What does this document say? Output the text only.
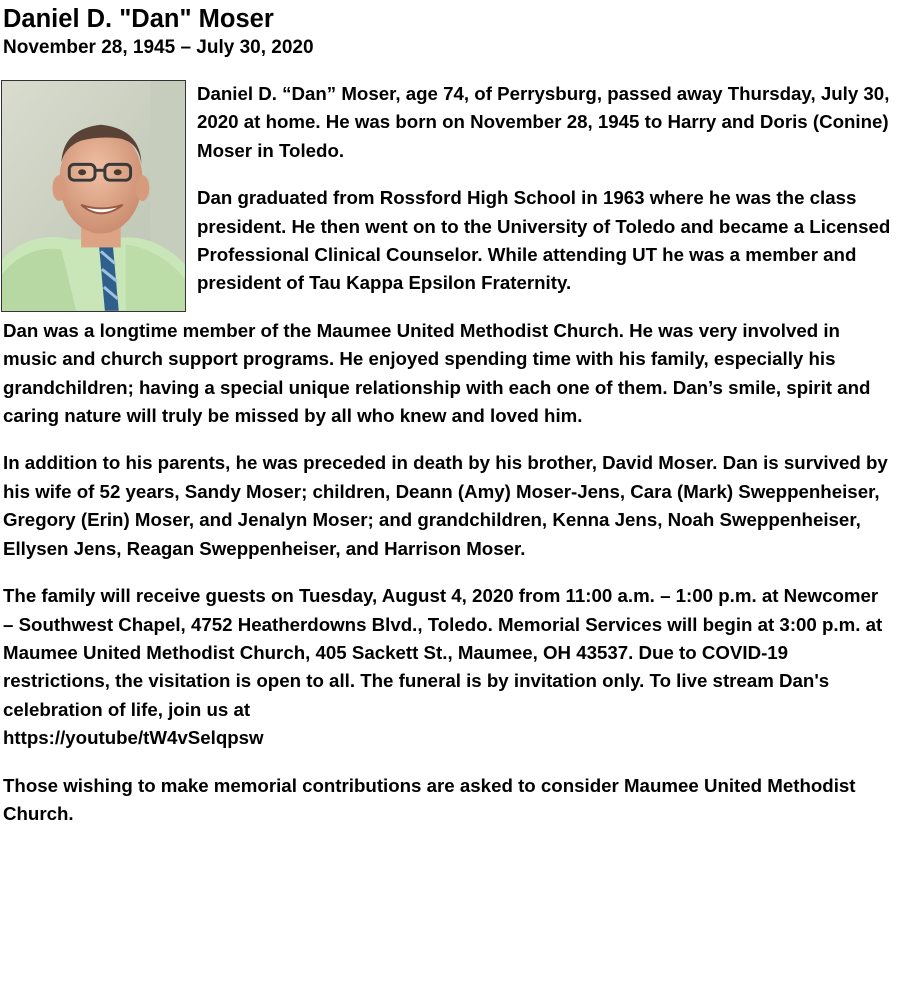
Daniel D. "Dan" Moser
November 28, 1945 – July 30, 2020

Daniel D. “Dan” Moser, age 74, of Perrysburg, passed away Thursday, July 30, 2020 at home. He was born on November 28, 1945 to Harry and Doris (Conine) Moser in Toledo.

Dan graduated from Rossford High School in 1963 where he was the class president. He then went on to the University of Toledo and became a Licensed Professional Clinical Counselor. While attending UT he was a member and president of Tau Kappa Epsilon Fraternity.

Dan was a longtime member of the Maumee United Methodist Church. He was very involved in music and church support programs. He enjoyed spending time with his family, especially his grandchildren; having a special unique relationship with each one of them. Dan’s smile, spirit and caring nature will truly be missed by all who knew and loved him.

In addition to his parents, he was preceded in death by his brother, David Moser. Dan is survived by his wife of 52 years, Sandy Moser; children, Deann (Amy) Moser-Jens, Cara (Mark) Sweppenheiser, Gregory (Erin) Moser, and Jenalyn Moser; and grandchildren, Kenna Jens, Noah Sweppenheiser, Ellysen Jens, Reagan Sweppenheiser, and Harrison Moser.

The family will receive guests on Tuesday, August 4, 2020 from 11:00 a.m. – 1:00 p.m. at Newcomer – Southwest Chapel, 4752 Heatherdowns Blvd., Toledo. Memorial Services will begin at 3:00 p.m. at Maumee United Methodist Church, 405 Sackett St., Maumee, OH 43537. Due to COVID-19 restrictions, the visitation is open to all. The funeral is by invitation only. To live stream Dan's celebration of life, join us at
https://youtube/tW4vSelqpsw

Those wishing to make memorial contributions are asked to consider Maumee United Methodist Church.
